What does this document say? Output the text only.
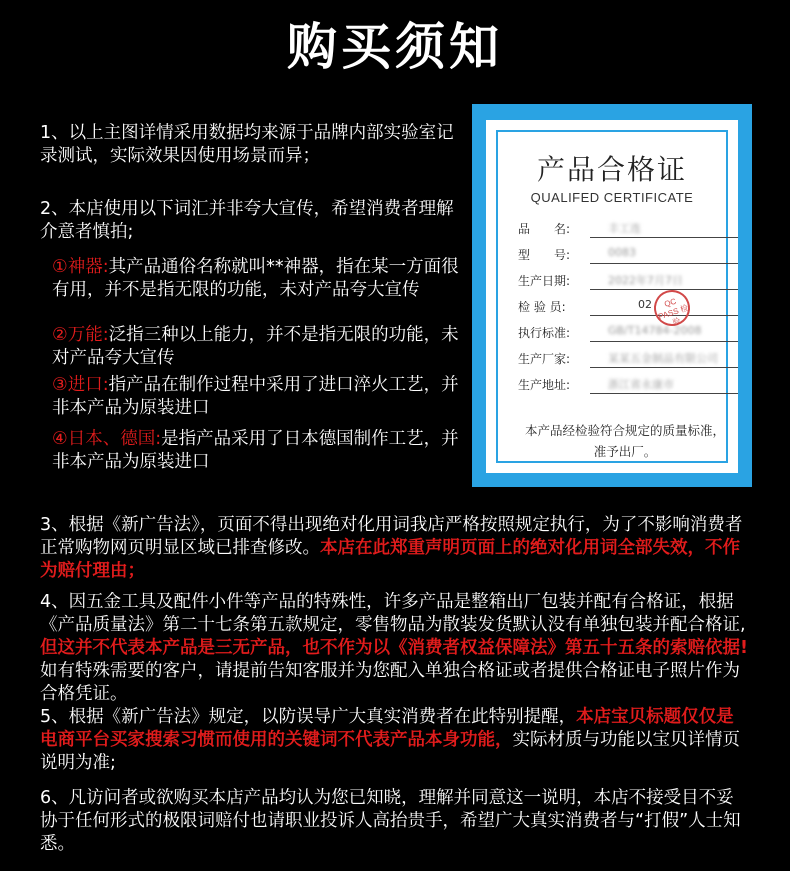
购买须知
1、以上主图详情采用数据均来源于品牌内部实验室记录测试，实际效果因使用场景而异；
2、本店使用以下词汇并非夸大宣传，希望消费者理解介意者慎拍;
①神器:其产品通俗名称就叫**神器，指在某一方面很有用，并不是指无限的功能，未对产品夸大宣传
②万能:泛指三种以上能力，并不是指无限的功能，未对产品夸大宣传
③进口:指产品在制作过程中采用了进口淬火工艺，并非本产品为原装进口
④日本、德国:是指产品采用了日本德国制作工艺，并非本产品为原装进口
产品合格证
QUALIFED CERTIFICATE
品　　名:	丰工连
型　　号:	0083
生产日期:	2022年7月7日
检 验 员:	02
执行标准:	GB/T14784-2008
生产厂家:	某某五金制品有限公司
生产地址:	浙江省永康市
QC PASS 检验
本产品经检验符合规定的质量标准，准予出厂。
3、根据《新广告法》，页面不得出现绝对化用词我店严格按照规定执行，为了不影响消费者正常购物网页明显区域已排查修改。本店在此郑重声明页面上的绝对化用词全部失效，不作为赔付理由；
4、因五金工具及配件小件等产品的特殊性，许多产品是整箱出厂包装并配有合格证，根据《产品质量法》第二十七条第五款规定，零售物品为散装发货默认没有单独包装并配合格证,但这并不代表本产品是三无产品，也不作为以《消费者权益保障法》第五十五条的索赔依据!如有特殊需要的客户，请提前告知客服并为您配入单独合格证或者提供合格证电子照片作为合格凭证。
5、根据《新广告法》规定，以防误导广大真实消费者在此特别提醒，本店宝贝标题仅仅是电商平台买家搜索习惯而使用的关键词不代表产品本身功能，实际材质与功能以宝贝详情页说明为准;
6、凡访问者或欲购买本店产品均认为您已知晓，理解并同意这一说明，本店不接受目不妥协于任何形式的极限词赔付也请职业投诉人高抬贵手，希望广大真实消费者与“打假”人士知悉。
